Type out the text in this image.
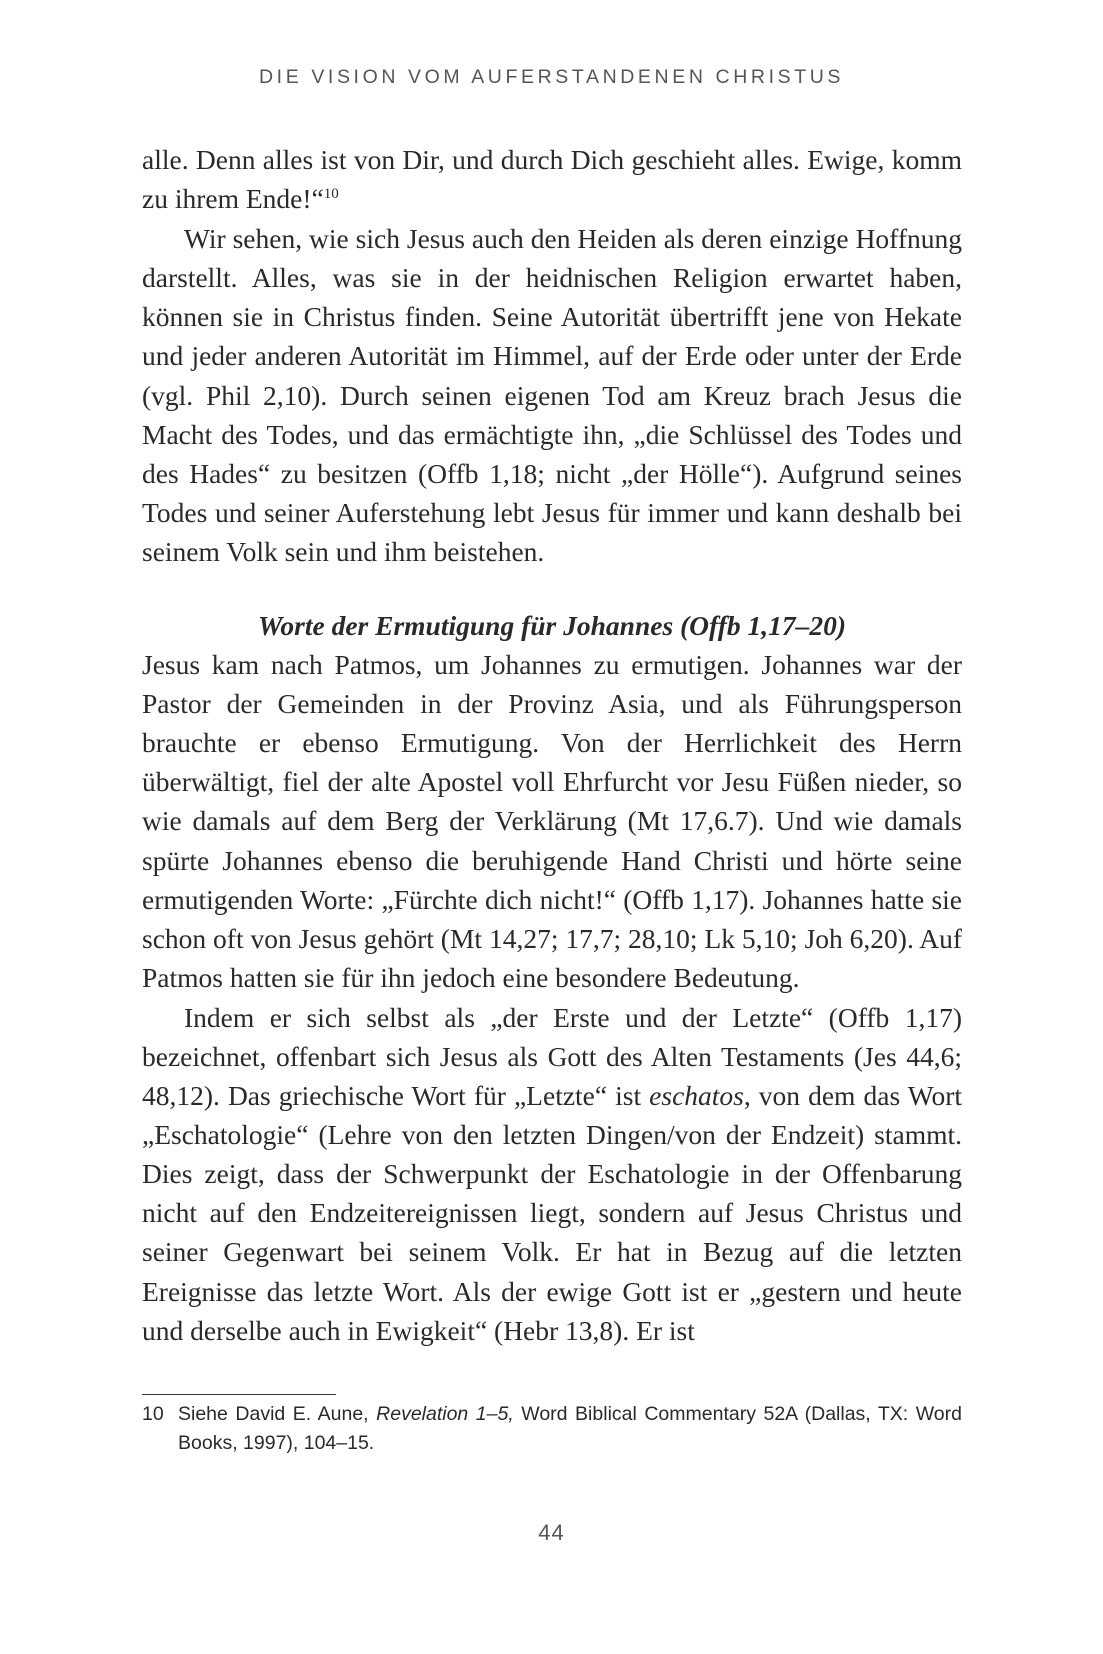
DIE VISION VOM AUFERSTANDENEN CHRISTUS

alle. Denn alles ist von Dir, und durch Dich geschieht alles. Ewige, komm zu ihrem Ende!“$^{10}$

Wir sehen, wie sich Jesus auch den Heiden als deren einzige Hoffnung darstellt. Alles, was sie in der heidnischen Religion erwartet haben, können sie in Christus finden. Seine Autorität übertrifft jene von Hekate und jeder anderen Autorität im Himmel, auf der Erde oder unter der Erde (vgl. Phil 2,10). Durch seinen eigenen Tod am Kreuz brach Jesus die Macht des Todes, und das ermächtigte ihn, „die Schlüssel des Todes und des Hades“ zu besitzen (Offb 1,18; nicht „der Hölle“). Aufgrund seines Todes und seiner Auferstehung lebt Jesus für immer und kann deshalb bei seinem Volk sein und ihm beistehen.

Worte der Ermutigung für Johannes (Offb 1,17–20)

Jesus kam nach Patmos, um Johannes zu ermutigen. Johannes war der Pastor der Gemeinden in der Provinz Asia, und als Führungsperson brauchte er ebenso Ermutigung. Von der Herrlichkeit des Herrn überwältigt, fiel der alte Apostel voll Ehrfurcht vor Jesu Füßen nieder, so wie damals auf dem Berg der Verklärung (Mt 17,6.7). Und wie damals spürte Johannes ebenso die beruhigende Hand Christi und hörte seine ermutigenden Worte: „Fürchte dich nicht!“ (Offb 1,17). Johannes hatte sie schon oft von Jesus gehört (Mt 14,27; 17,7; 28,10; Lk 5,10; Joh 6,20). Auf Patmos hatten sie für ihn jedoch eine besondere Bedeutung.

Indem er sich selbst als „der Erste und der Letzte“ (Offb 1,17) bezeichnet, offenbart sich Jesus als Gott des Alten Testaments (Jes 44,6; 48,12). Das griechische Wort für „Letzte“ ist eschatos, von dem das Wort „Eschatologie“ (Lehre von den letzten Dingen/von der Endzeit) stammt. Dies zeigt, dass der Schwerpunkt der Eschatologie in der Offenbarung nicht auf den Endzeitereignissen liegt, sondern auf Jesus Christus und seiner Gegenwart bei seinem Volk. Er hat in Bezug auf die letzten Ereignisse das letzte Wort. Als der ewige Gott ist er „gestern und heute und derselbe auch in Ewigkeit“ (Hebr 13,8). Er ist

10 Siehe David E. Aune, Revelation 1–5, Word Biblical Commentary 52A (Dallas, TX: Word Books, 1997), 104–15.
44
